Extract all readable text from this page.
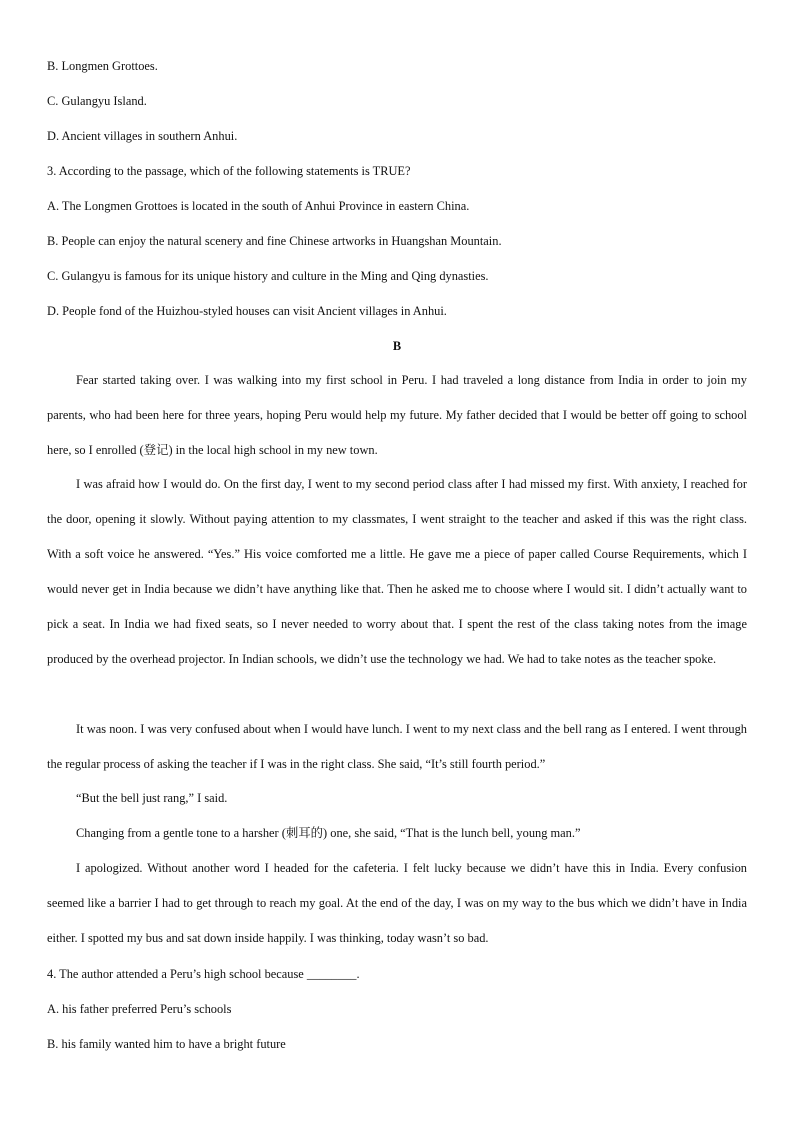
B. Longmen Grottoes.
C. Gulangyu Island.
D. Ancient villages in southern Anhui.
3. According to the passage, which of the following statements is TRUE?
A. The Longmen Grottoes is located in the south of Anhui Province in eastern China.
B. People can enjoy the natural scenery and fine Chinese artworks in Huangshan Mountain.
C. Gulangyu is famous for its unique history and culture in the Ming and Qing dynasties.
D. People fond of the Huizhou-styled houses can visit Ancient villages in Anhui.
B
Fear started taking over. I was walking into my first school in Peru. I had traveled a long distance from India in order to join my parents, who had been here for three years, hoping Peru would help my future. My father decided that I would be better off going to school here, so I enrolled (登记) in the local high school in my new town.
I was afraid how I would do. On the first day, I went to my second period class after I had missed my first. With anxiety, I reached for the door, opening it slowly. Without paying attention to my classmates, I went straight to the teacher and asked if this was the right class. With a soft voice he answered. “Yes.” His voice comforted me a little. He gave me a piece of paper called Course Requirements, which I would never get in India because we didn’t have anything like that. Then he asked me to choose where I would sit. I didn’t actually want to pick a seat. In India we had fixed seats, so I never needed to worry about that. I spent the rest of the class taking notes from the image produced by the overhead projector. In Indian schools, we didn’t use the technology we had. We had to take notes as the teacher spoke.
It was noon. I was very confused about when I would have lunch. I went to my next class and the bell rang as I entered. I went through the regular process of asking the teacher if I was in the right class. She said, “It’s still fourth period.”
“But the bell just rang,” I said.
Changing from a gentle tone to a harsher (刺耳的) one, she said, “That is the lunch bell, young man.”
I apologized. Without another word I headed for the cafeteria. I felt lucky because we didn’t have this in India. Every confusion seemed like a barrier I had to get through to reach my goal. At the end of the day, I was on my way to the bus which we didn’t have in India either. I spotted my bus and sat down inside happily. I was thinking, today wasn’t so bad.
4. The author attended a Peru’s high school because ________.
A. his father preferred Peru’s schools
B. his family wanted him to have a bright future
